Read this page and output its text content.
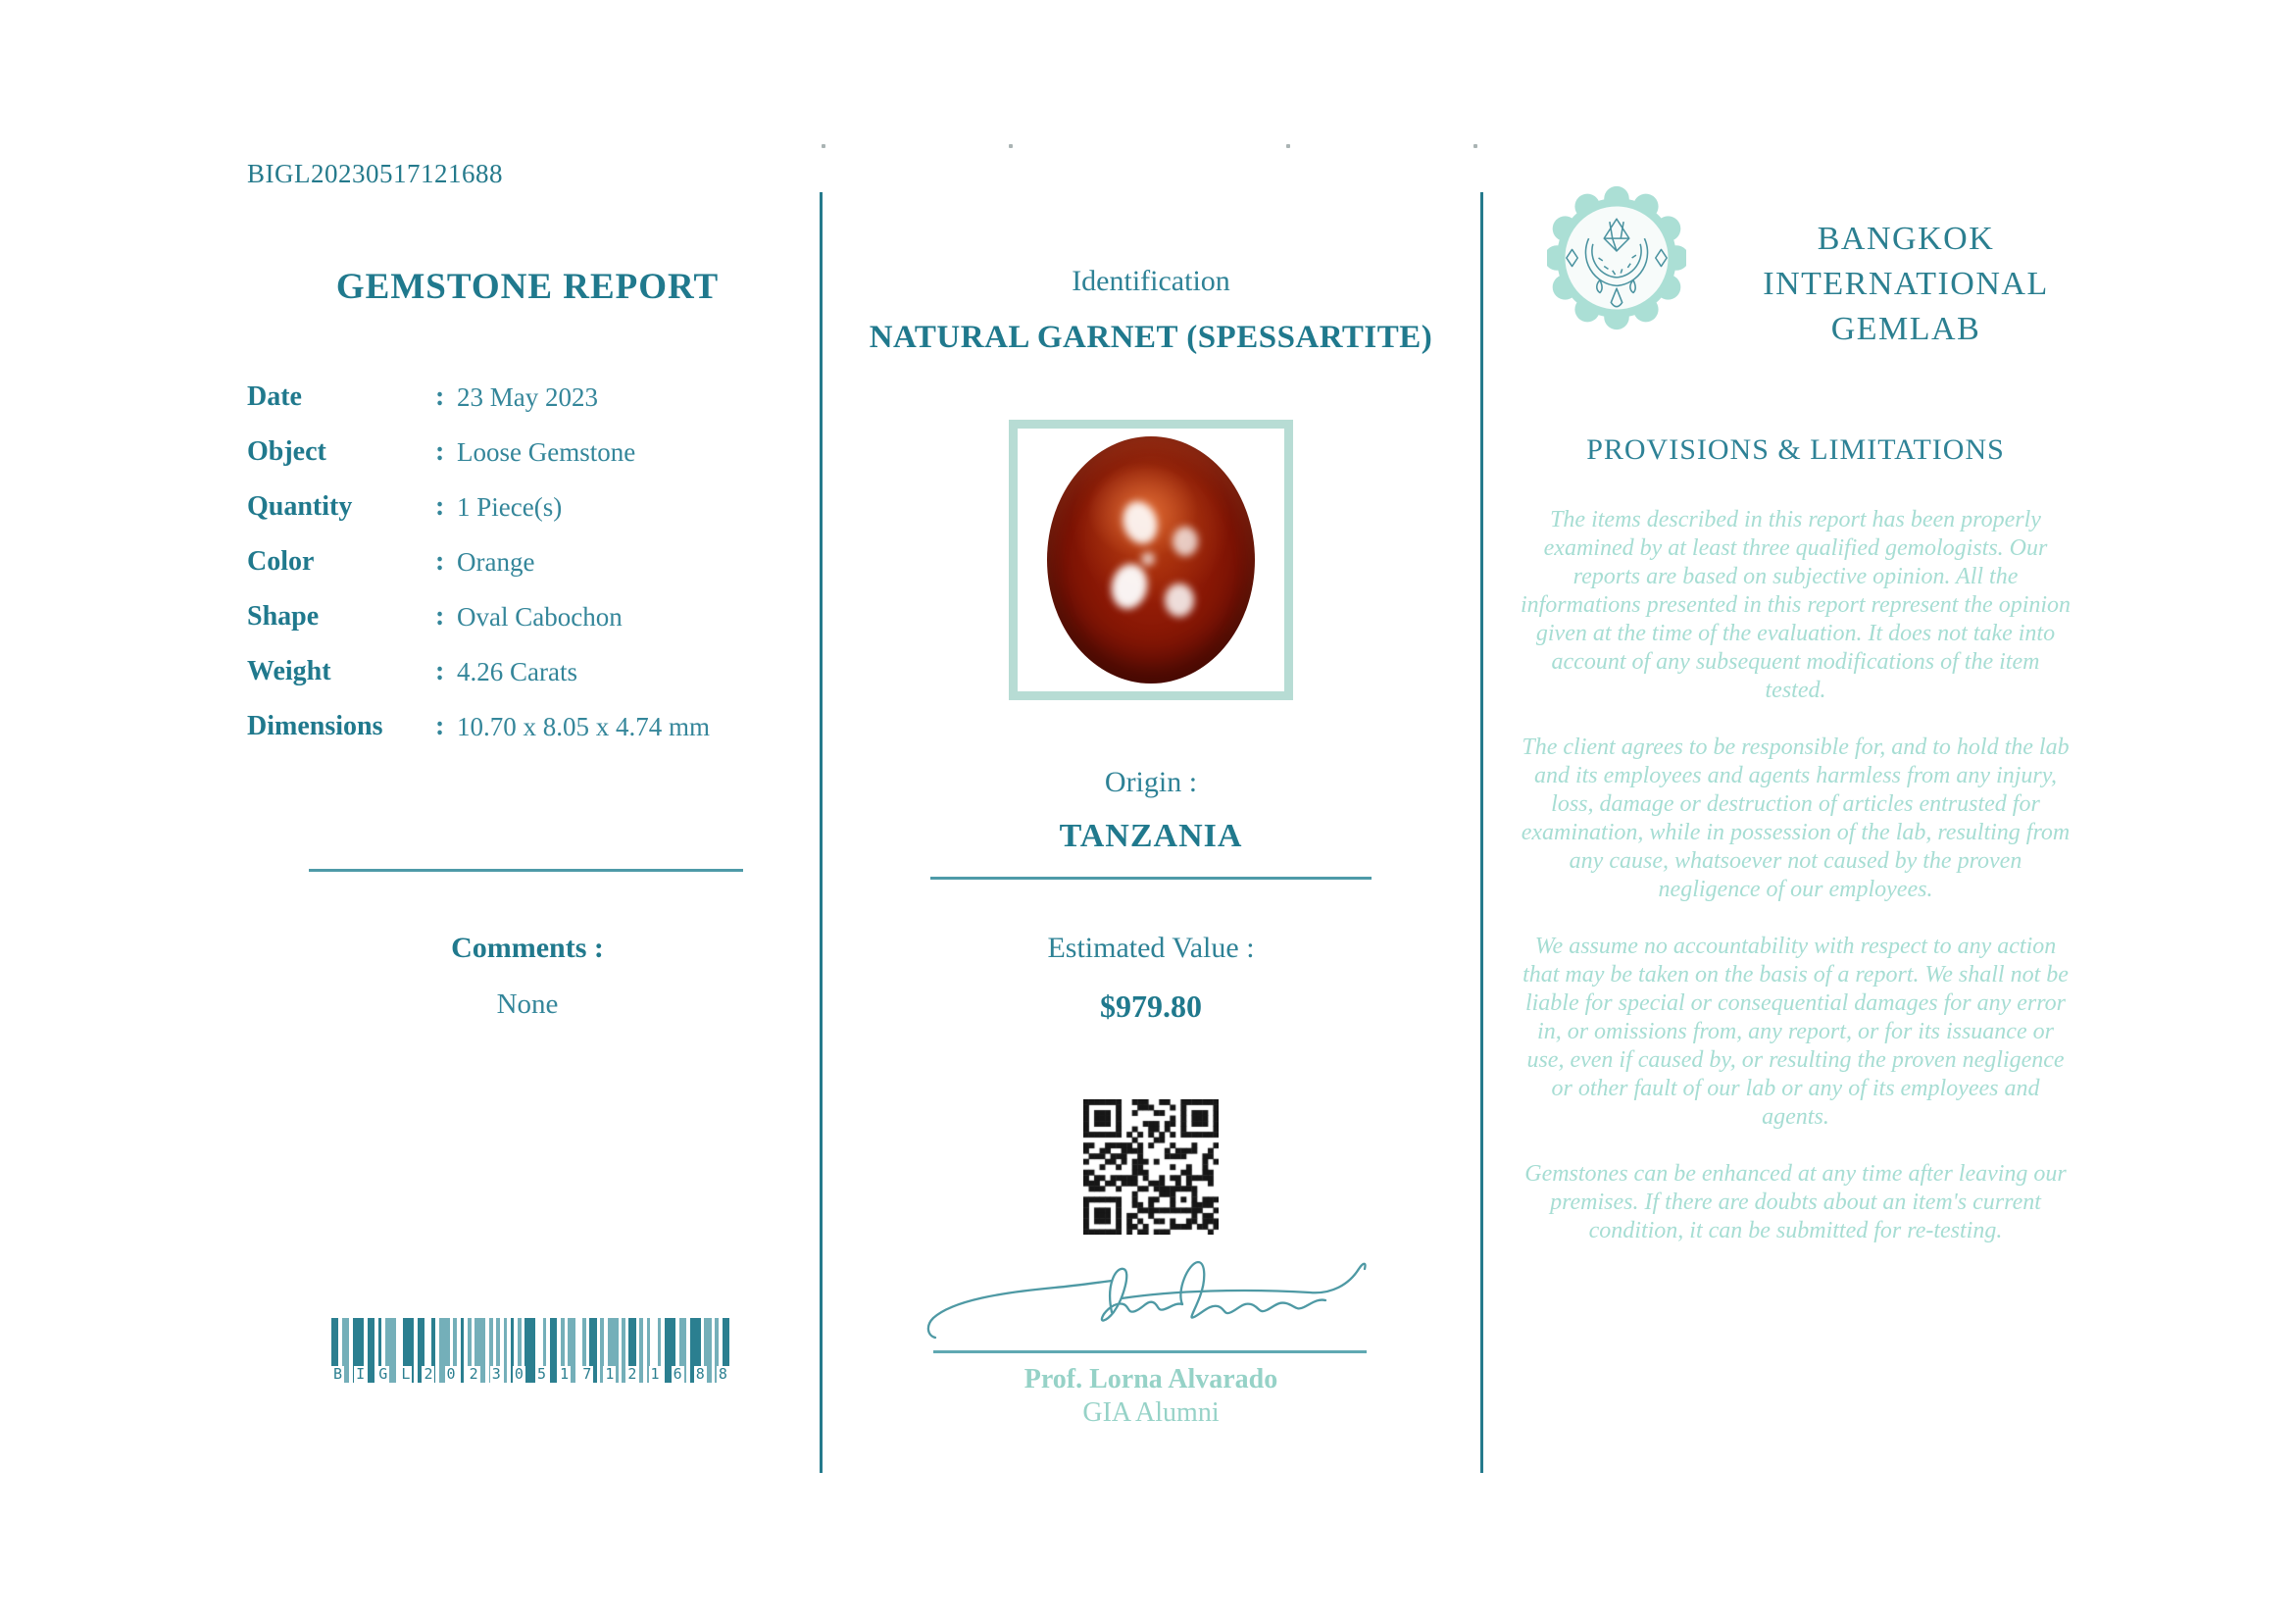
BIGL20230517121688
GEMSTONE REPORT
Date :	23 May 2023
Object :	Loose Gemstone
Quantity :	1 Piece(s)
Color :	Orange
Shape :	Oval Cabochon
Weight :	4.26 Carats
Dimensions :	10.70 x 8.05 x 4.74 mm
Comments :
None
B I G L 2 0 2 3 0 5 1 7 1 2 1 6 8 8
Identification
NATURAL GARNET (SPESSARTITE)
Origin :
TANZANIA
Estimated Value :
$979.80
Prof. Lorna Alvarado
GIA Alumni
BANGKOK
INTERNATIONAL
GEMLAB
PROVISIONS & LIMITATIONS

The items described in this report has been properly examined by at least three qualified gemologists. Our reports are based on subjective opinion. All the informations presented in this report represent the opinion given at the time of the evaluation. It does not take into account of any subsequent modifications of the item tested.

The client agrees to be responsible for, and to hold the lab and its employees and agents harmless from any injury, loss, damage or destruction of articles entrusted for examination, while in possession of the lab, resulting from any cause, whatsoever not caused by the proven negligence of our employees.

We assume no accountability with respect to any action that may be taken on the basis of a report. We shall not be liable for special or consequential damages for any error in, or omissions from, any report, or for its issuance or use, even if caused by, or resulting the proven negligence or other fault of our lab or any of its employees and agents.

Gemstones can be enhanced at any time after leaving our premises. If there are doubts about an item's current condition, it can be submitted for re-testing.
